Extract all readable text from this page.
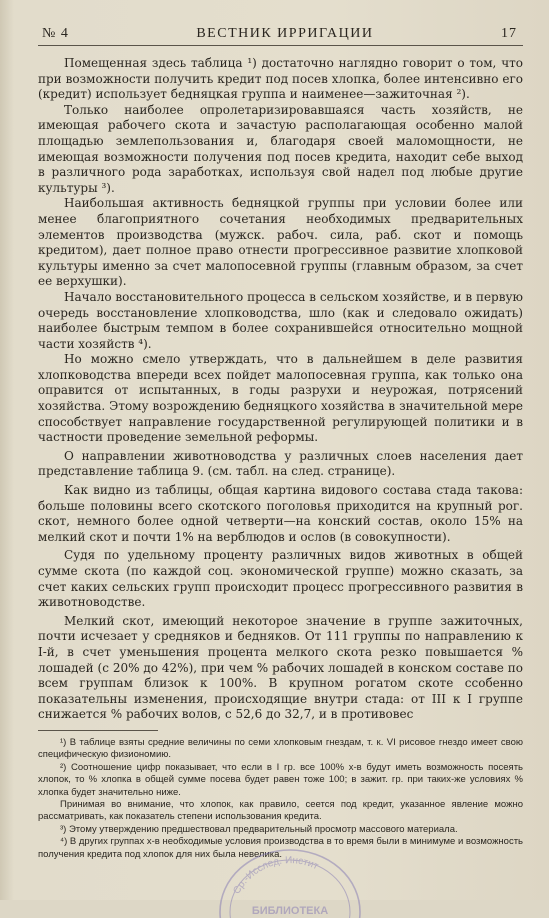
№ 4	ВЕСТНИК ИРРИГАЦИИ	17

Помещенная здесь таблица ¹) достаточно наглядно говорит о том, что при возможности получить кредит под посев хлопка, более интенсивно его (кредит) использует бедняцкая группа и наименее—зажиточная ²).

Только наиболее опролетаризировавшаяся часть хозяйств, не имеющая рабочего скота и зачастую располагающая особенно малой площадью землепользования и, благодаря своей маломощности, не имеющая возможности получения под посев кредита, находит себе выход в различного рода заработках, используя свой надел под любые другие культуры ³).

Наибольшая активность бедняцкой группы при условии более или менее благоприятного сочетания необходимых предварительных элементов производства (мужск. рабоч. сила, раб. скот и помощь кредитом), дает полное право отнести прогрессивное развитие хлопковой культуры именно за счет малопосевной группы (главным образом, за счет ее верхушки).

Начало восстановительного процесса в сельском хозяйстве, и в первую очередь восстановление хлопководства, шло (как и следовало ожидать) наиболее быстрым темпом в более сохранившейся относительно мощной части хозяйств ⁴).

Но можно смело утверждать, что в дальнейшем в деле развития хлопководства впереди всех пойдет малопосевная группа, как только она оправится от испытанных, в годы разрухи и неурожая, потрясений хозяйства. Этому возрождению бедняцкого хозяйства в значительной мере способствует направление государственной регулирующей политики и в частности проведение земельной реформы.

О направлении животноводства у различных слоев населения дает представление таблица 9. (см. табл. на след. странице).

Как видно из таблицы, общая картина видового состава стада такова: больше половины всего скотского поголовья приходится на крупный рог. скот, немного более одной четверти—на конский состав, около 15% на мелкий скот и почти 1% на верблюдов и ослов (в совокупности).

Судя по удельному проценту различных видов животных в общей сумме скота (по каждой соц. экономической группе) можно сказать, за счет каких сельских групп происходит процесс прогрессивного развития в животноводстве.

Мелкий скот, имеющий некоторое значение в группе зажиточных, почти исчезает у средняков и бедняков. От 111 группы по направлению к I-й, в счет уменьшения процента мелкого скота резко повышается % лошадей (с 20% до 42%), при чем % рабочих лошадей в конском составе по всем группам близок к 100%. В крупном рогатом скоте ссобенно показательны изменения, происходящие внутри стада: от III к I группе снижается % рабочих волов, с 52,6 до 32,7, и в противовес

¹) В таблице взяты средние величины по семи хлопковым гнездам, т. к. VI рисовое гнездо имеет свою специфическую физиономию.

²) Соотношение цифр показывает, что если в I гр. все 100% х-в будут иметь возможность посеять хлопок, то % хлопка в общей сумме посева будет равен тоже 100; в зажит. гр. при таких-же условиях % хлопка будет значительно ниже.

Принимая во внимание, что хлопок, как правило, сеется под кредит, указанное явление можно рассматривать, как показатель степени использования кредита.

³) Этому утверждению предшествовал предварительный просмотр массового материала.

⁴) В других группах х-в необходимые условия производства в то время были в минимуме и возможность получения кредита под хлопок для них была невелика.

Ср.-Исслед. Инстит
БИБЛИОТЕКА
